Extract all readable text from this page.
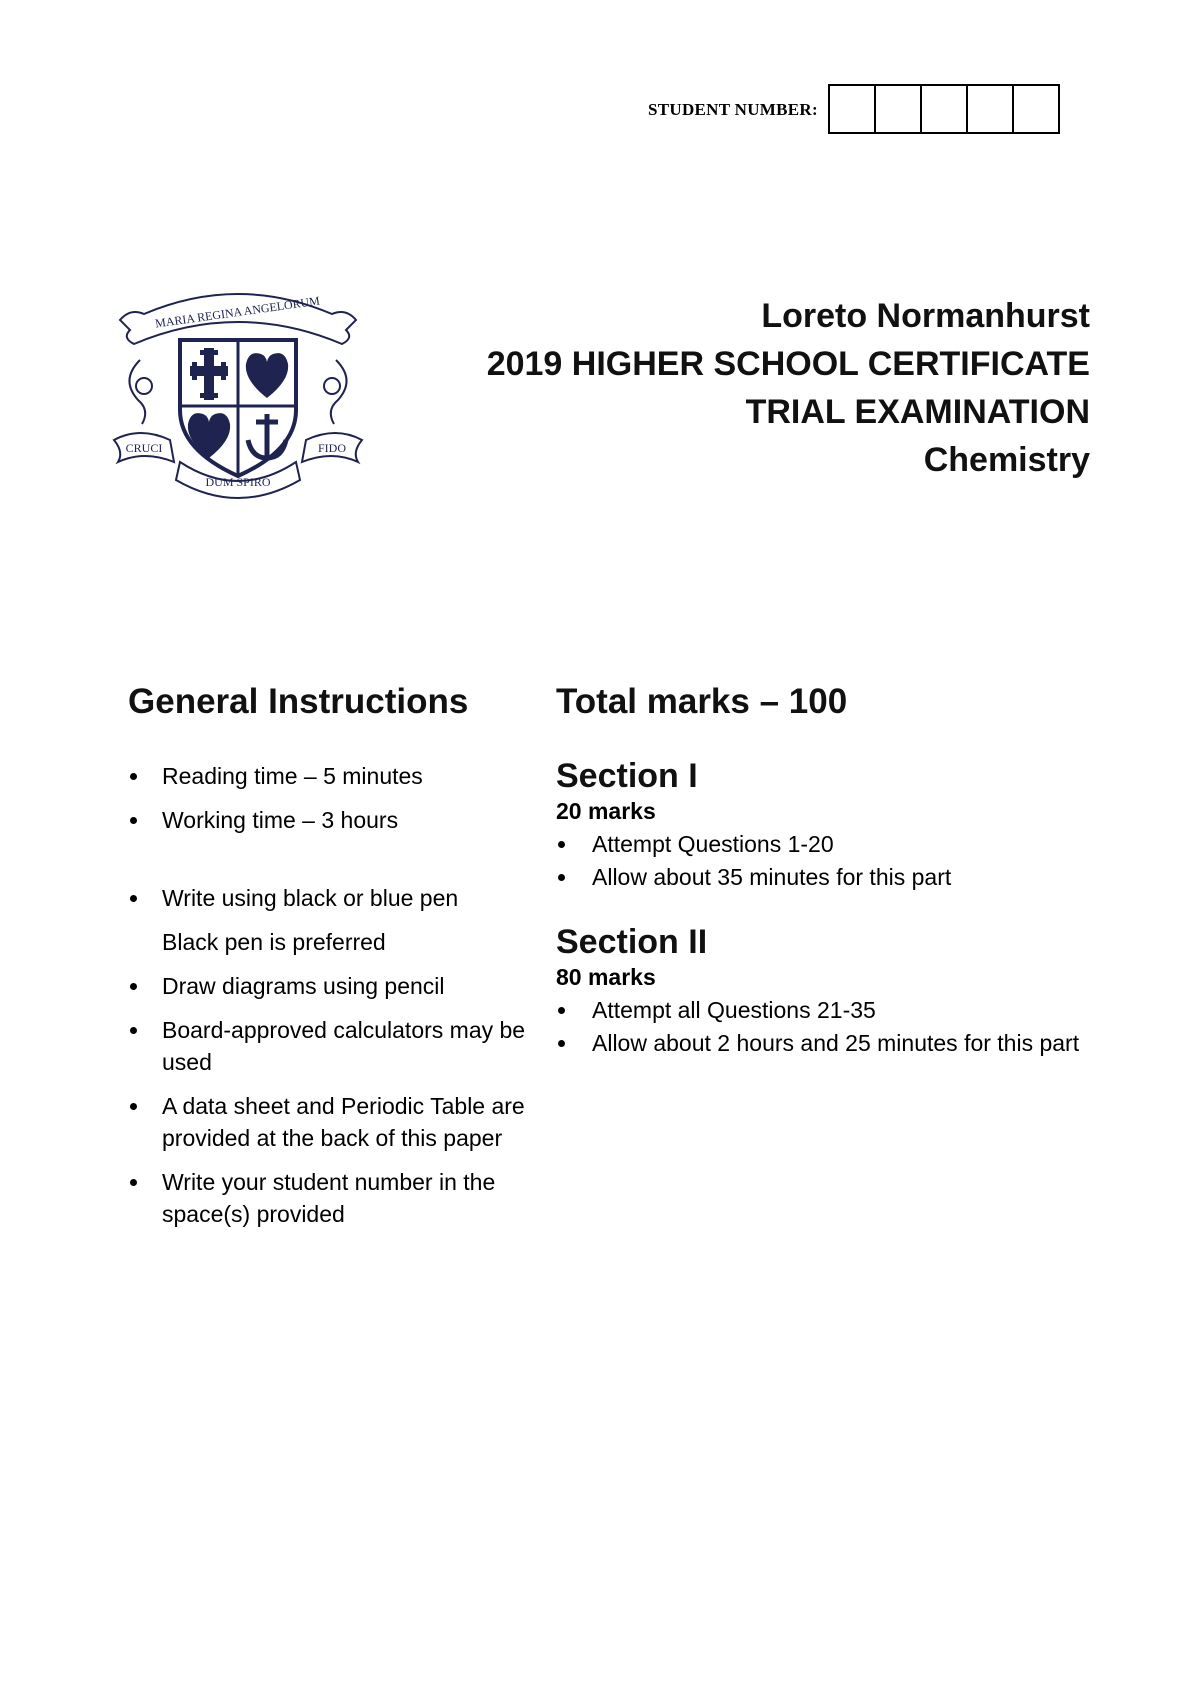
STUDENT NUMBER:
MARIA REGINA ANGELORUM
CRUCI	FIDO
DUM SPIRO
Loreto Normanhurst
2019 HIGHER SCHOOL CERTIFICATE
TRIAL EXAMINATION
Chemistry
General Instructions
Reading time – 5 minutes
Working time – 3 hours
Write using black or blue pen
Black pen is preferred
Draw diagrams using pencil
Board-approved calculators may be used
A data sheet and Periodic Table are provided at the back of this paper
Write your student number in the space(s) provided
Total marks – 100
Section I
20 marks
Attempt Questions 1-20
Allow about 35 minutes for this part
Section II
80 marks
Attempt all Questions 21-35
Allow about 2 hours and 25 minutes for this part
